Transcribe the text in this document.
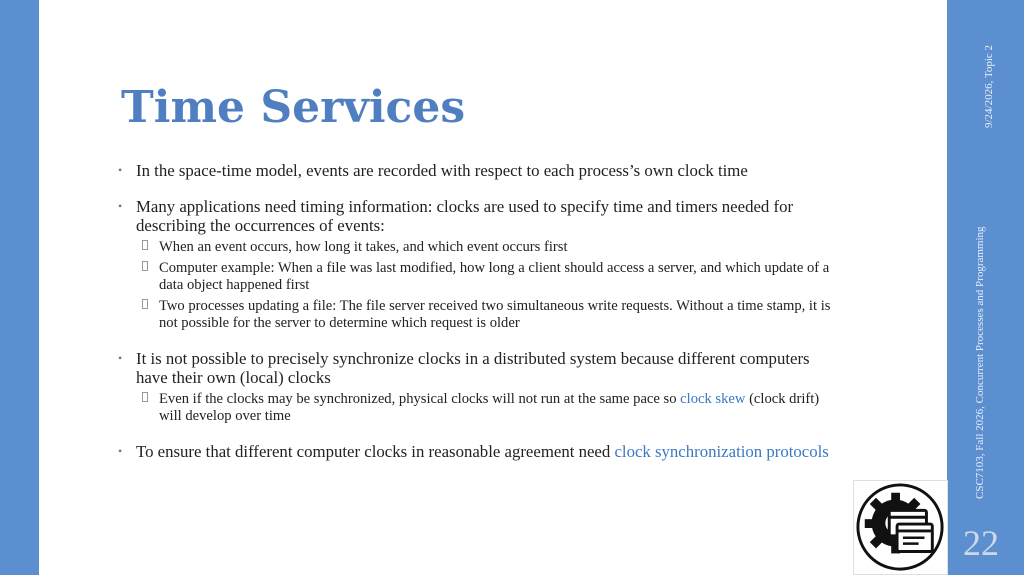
Time Services
• In the space-time model, events are recorded with respect to each process’s own clock time
• Many applications need timing information: clocks are used to specify time and timers needed for describing the occurrences of events:
When an event occurs, how long it takes, and which event occurs first
Computer example: When a file was last modified, how long a client should access a server, and which update of a data object happened first
Two processes updating a file: The file server received two simultaneous write requests. Without a time stamp, it is not possible for the server to determine which request is older
• It is not possible to precisely synchronize clocks in a distributed system because different computers have their own (local) clocks
Even if the clocks may be synchronized, physical clocks will not run at the same pace so clock skew (clock drift) will develop over time
• To ensure that different computer clocks in reasonable agreement need clock synchronization protocols
9/24/2026, Topic 2
CSC7103, Fall 2026, Concurrent Processes and Programming
22
